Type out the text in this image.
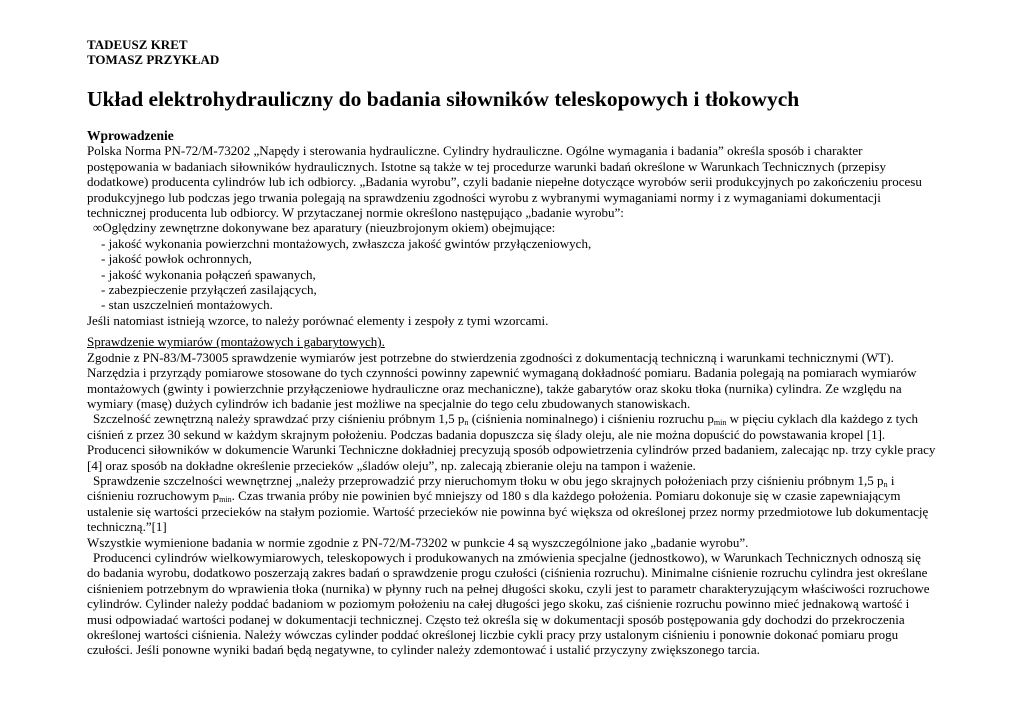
TADEUSZ KRET
TOMASZ PRZYKŁAD
Układ elektrohydrauliczny do badania siłowników teleskopowych i tłokowych
Wprowadzenie

Polska Norma PN-72/M-73202 „Napędy i sterowania hydrauliczne. Cylindry hydrauliczne. Ogólne wymagania i badania” określa sposób i charakter
postępowania w badaniach siłowników hydraulicznych. Istotne są także w tej procedurze warunki badań określone w Warunkach Technicznych (przepisy
dodatkowe) producenta cylindrów lub ich odbiorcy. „Badania wyrobu”, czyli badanie niepełne dotyczące wyrobów serii produkcyjnych po zakończeniu procesu
produkcyjnego lub podczas jego trwania polegają na sprawdzeniu zgodności wyrobu z wybranymi wymaganiami normy i z wymaganiami dokumentacji
technicznej producenta lub odbiorcy. W przytaczanej normie określono następująco „badanie wyrobu”:

∞Oględziny zewnętrzne dokonywane bez aparatury (nieuzbrojonym okiem) obejmujące:
- jakość wykonania powierzchni montażowych, zwłaszcza jakość gwintów przyłączeniowych,
- jakość powłok ochronnych,
- jakość wykonania połączeń spawanych,
- zabezpieczenie przyłączeń zasilających,
- stan uszczelnień montażowych.
Jeśli natomiast istnieją wzorce, to należy porównać elementy i zespoły z tymi wzorcami.

Sprawdzenie wymiarów (montażowych i gabarytowych).
Zgodnie z PN-83/M-73005 sprawdzenie wymiarów jest potrzebne do stwierdzenia zgodności z dokumentacją techniczną i warunkami technicznymi (WT).
Narzędzia i przyrządy pomiarowe stosowane do tych czynności powinny zapewnić wymaganą dokładność pomiaru. Badania polegają na pomiarach wymiarów
montażowych (gwinty i powierzchnie przyłączeniowe hydrauliczne oraz mechaniczne), także gabarytów oraz skoku tłoka (nurnika) cylindra. Ze względu na
wymiary (masę) dużych cylindrów ich badanie jest możliwe na specjalnie do tego celu zbudowanych stanowiskach.

Szczelność zewnętrzną należy sprawdzać przy ciśnieniu próbnym 1,5 $p_n$ (ciśnienia nominalnego) i ciśnieniu rozruchu $p_{min}$ w pięciu cyklach dla każdego z tych
ciśnień z przez 30 sekund w każdym skrajnym położeniu. Podczas badania dopuszcza się ślady oleju, ale nie można dopuścić do powstawania kropel [1].
Producenci siłowników w dokumencie Warunki Techniczne dokładniej precyzują sposób odpowietrzenia cylindrów przed badaniem, zalecając np. trzy cykle pracy
[4] oraz sposób na dokładne określenie przecieków „śladów oleju”, np. zalecają zbieranie oleju na tampon i ważenie.

Sprawdzenie szczelności wewnętrznej „należy przeprowadzić przy nieruchomym tłoku w obu jego skrajnych położeniach przy ciśnieniu próbnym 1,5 $p_n$ i
ciśnieniu rozruchowym $p_{min}$. Czas trwania próby nie powinien być mniejszy od 180 s dla każdego położenia. Pomiaru dokonuje się w czasie zapewniającym
ustalenie się wartości przecieków na stałym poziomie. Wartość przecieków nie powinna być większa od określonej przez normy przedmiotowe lub dokumentację
techniczną.”[1]
Wszystkie wymienione badania w normie zgodnie z PN-72/M-73202 w punkcie 4 są wyszczególnione jako „badanie wyrobu”.

Producenci cylindrów wielkowymiarowych, teleskopowych i produkowanych na zmówienia specjalne (jednostkowo), w Warunkach Technicznych odnoszą się
do badania wyrobu, dodatkowo poszerzają zakres badań o sprawdzenie progu czułości (ciśnienia rozruchu). Minimalne ciśnienie rozruchu cylindra jest określane
ciśnieniem potrzebnym do wprawienia tłoka (nurnika) w płynny ruch na pełnej długości skoku, czyli jest to parametr charakteryzującym właściwości rozruchowe
cylindrów. Cylinder należy poddać badaniom w poziomym położeniu na całej długości jego skoku, zaś ciśnienie rozruchu powinno mieć jednakową wartość i
musi odpowiadać wartości podanej w dokumentacji technicznej. Często też określa się w dokumentacji sposób postępowania gdy dochodzi do przekroczenia
określonej wartości ciśnienia. Należy wówczas cylinder poddać określonej liczbie cykli pracy przy ustalonym ciśnieniu i ponownie dokonać pomiaru progu
czułości. Jeśli ponowne wyniki badań będą negatywne, to cylinder należy zdemontować i ustalić przyczyny zwiększonego tarcia.
